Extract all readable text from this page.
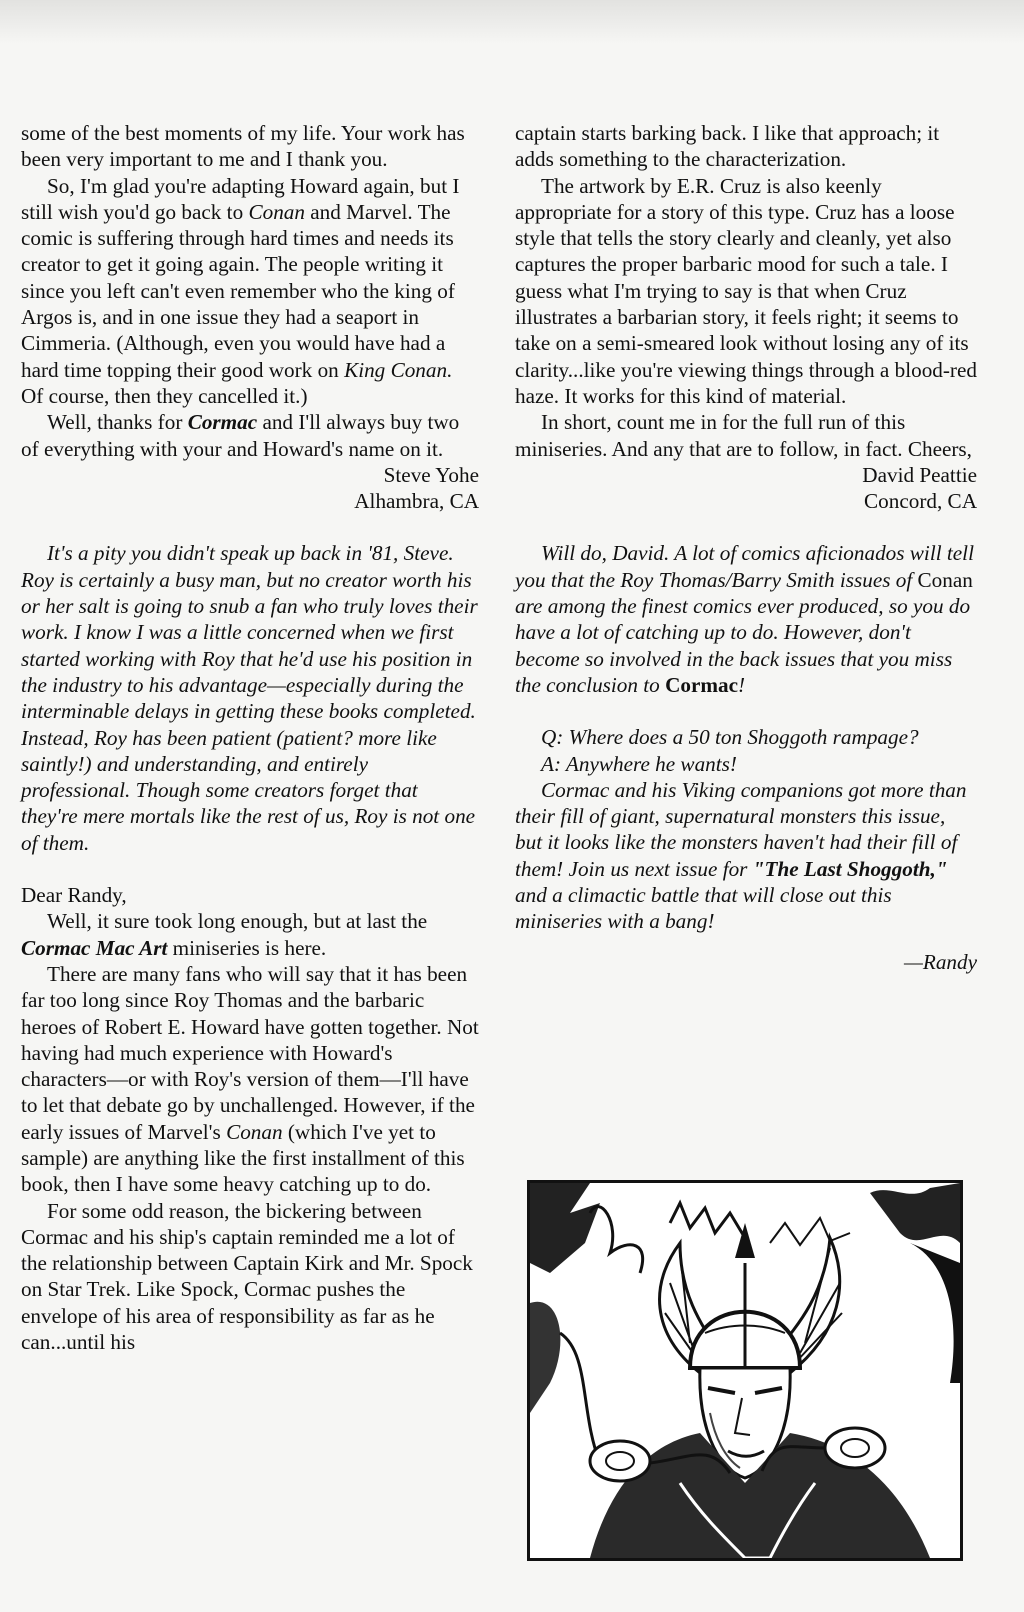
some of the best moments of my life. Your work has been very important to me and I thank you.

So, I'm glad you're adapting Howard again, but I still wish you'd go back to Conan and Marvel. The comic is suffering through hard times and needs its creator to get it going again. The people writing it since you left can't even remember who the king of Argos is, and in one issue they had a seaport in Cimmeria. (Although, even you would have had a hard time topping their good work on King Conan. Of course, then they cancelled it.)

Well, thanks for Cormac and I'll always buy two of everything with your and Howard's name on it.

Steve Yohe

Alhambra, CA

It's a pity you didn't speak up back in '81, Steve. Roy is certainly a busy man, but no creator worth his or her salt is going to snub a fan who truly loves their work. I know I was a little concerned when we first started working with Roy that he'd use his position in the industry to his advantage—especially during the interminable delays in getting these books completed. Instead, Roy has been patient (patient? more like saintly!) and understanding, and entirely professional. Though some creators forget that they're mere mortals like the rest of us, Roy is not one of them.

Dear Randy,

Well, it sure took long enough, but at last the Cormac Mac Art miniseries is here.

There are many fans who will say that it has been far too long since Roy Thomas and the barbaric heroes of Robert E. Howard have gotten together. Not having had much experience with Howard's characters—or with Roy's version of them—I'll have to let that debate go by unchallenged. However, if the early issues of Marvel's Conan (which I've yet to sample) are anything like the first installment of this book, then I have some heavy catching up to do.

For some odd reason, the bickering between Cormac and his ship's captain reminded me a lot of the relationship between Captain Kirk and Mr. Spock on Star Trek. Like Spock, Cormac pushes the envelope of his area of responsibility as far as he can...until his

captain starts barking back. I like that approach; it adds something to the characterization.

The artwork by E.R. Cruz is also keenly appropriate for a story of this type. Cruz has a loose style that tells the story clearly and cleanly, yet also captures the proper barbaric mood for such a tale. I guess what I'm trying to say is that when Cruz illustrates a barbarian story, it feels right; it seems to take on a semi-smeared look without losing any of its clarity...like you're viewing things through a blood-red haze. It works for this kind of material.

In short, count me in for the full run of this miniseries. And any that are to follow, in fact. Cheers,

David Peattie

Concord, CA

Will do, David. A lot of comics aficionados will tell you that the Roy Thomas/Barry Smith issues of Conan are among the finest comics ever produced, so you do have a lot of catching up to do. However, don't become so involved in the back issues that you miss the conclusion to Cormac!

Q: Where does a 50 ton Shoggoth rampage?

A: Anywhere he wants!

Cormac and his Viking companions got more than their fill of giant, supernatural monsters this issue, but it looks like the monsters haven't had their fill of them! Join us next issue for "The Last Shoggoth," and a climactic battle that will close out this miniseries with a bang!

—Randy
